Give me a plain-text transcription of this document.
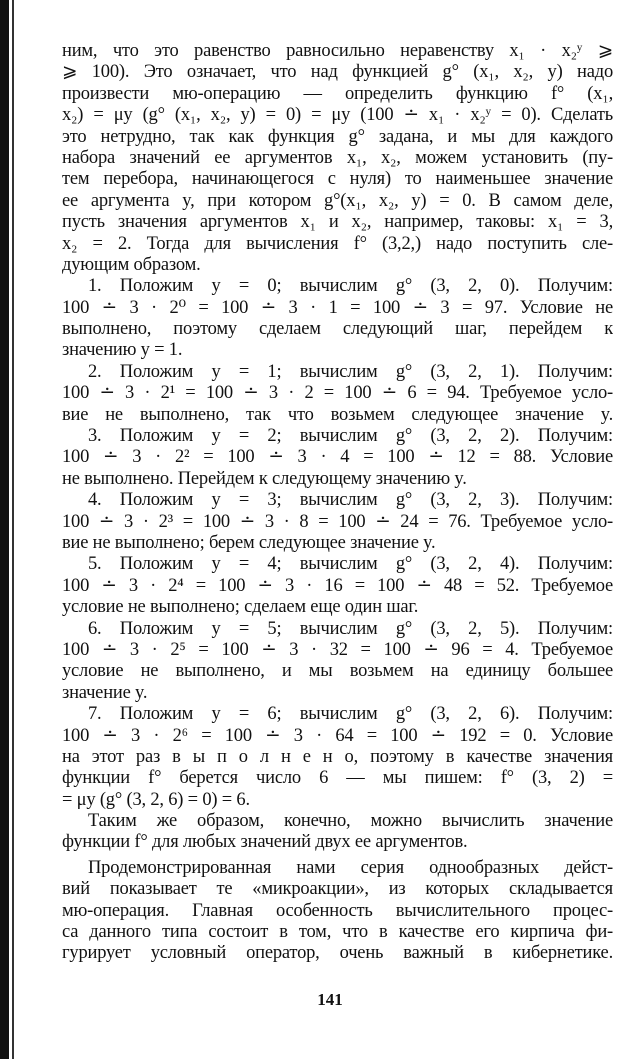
ним, что это равенство равносильно неравенству x₁ · x₂ʸ ⩾
⩾ 100). Это означает, что над функцией g° (x₁, x₂, y) надо
произвести мю-операцию — определить функцию f° (x₁,
x₂) = μy (g° (x₁, x₂, y) = 0) = μy (100 ∸ x₁ · x₂ʸ = 0). Сделать
это нетрудно, так как функция g° задана, и мы для каждого
набора значений ее аргументов x₁, x₂, можем установить (пу-
тем перебора, начинающегося с нуля) то наименьшее значение
ее аргумента y, при котором g°(x₁, x₂, y) = 0. В самом деле,
пусть значения аргументов x₁ и x₂, например, таковы: x₁ = 3,
x₂ = 2. Тогда для вычисления f° (3,2,) надо поступить сле-
дующим образом.
1. Положим y = 0; вычислим g° (3, 2, 0). Получим:
100 ∸ 3 · 2⁰ = 100 ∸ 3 · 1 = 100 ∸ 3 = 97. Условие не
выполнено, поэтому сделаем следующий шаг, перейдем к
значению y = 1.
2. Положим y = 1; вычислим g° (3, 2, 1). Получим:
100 ∸ 3 · 2¹ = 100 ∸ 3 · 2 = 100 ∸ 6 = 94. Требуемое усло-
вие не выполнено, так что возьмем следующее значение y.
3. Положим y = 2; вычислим g° (3, 2, 2). Получим:
100 ∸ 3 · 2² = 100 ∸ 3 · 4 = 100 ∸ 12 = 88. Условие
не выполнено. Перейдем к следующему значению y.
4. Положим y = 3; вычислим g° (3, 2, 3). Получим:
100 ∸ 3 · 2³ = 100 ∸ 3 · 8 = 100 ∸ 24 = 76. Требуемое усло-
вие не выполнено; берем следующее значение y.
5. Положим y = 4; вычислим g° (3, 2, 4). Получим:
100 ∸ 3 · 2⁴ = 100 ∸ 3 · 16 = 100 ∸ 48 = 52. Требуемое
условие не выполнено; сделаем еще один шаг.
6. Положим y = 5; вычислим g° (3, 2, 5). Получим:
100 ∸ 3 · 2⁵ = 100 ∸ 3 · 32 = 100 ∸ 96 = 4. Требуемое
условие не выполнено, и мы возьмем на единицу большее
значение y.
7. Положим y = 6; вычислим g° (3, 2, 6). Получим:
100 ∸ 3 · 2⁶ = 100 ∸ 3 · 64 = 100 ∸ 192 = 0. Условие
на этот раз в ы п о л н е н о, поэтому в качестве значения
функции f° берется число 6 — мы пишем: f° (3, 2) =
= μy (g° (3, 2, 6) = 0) = 6.
Таким же образом, конечно, можно вычислить значение
функции f° для любых значений двух ее аргументов.
Продемонстрированная нами серия однообразных дейст-
вий показывает те «микроакции», из которых складывается
мю-операция. Главная особенность вычислительного процес-
са данного типа состоит в том, что в качестве его кирпича фи-
гурирует условный оператор, очень важный в кибернетике.
141
